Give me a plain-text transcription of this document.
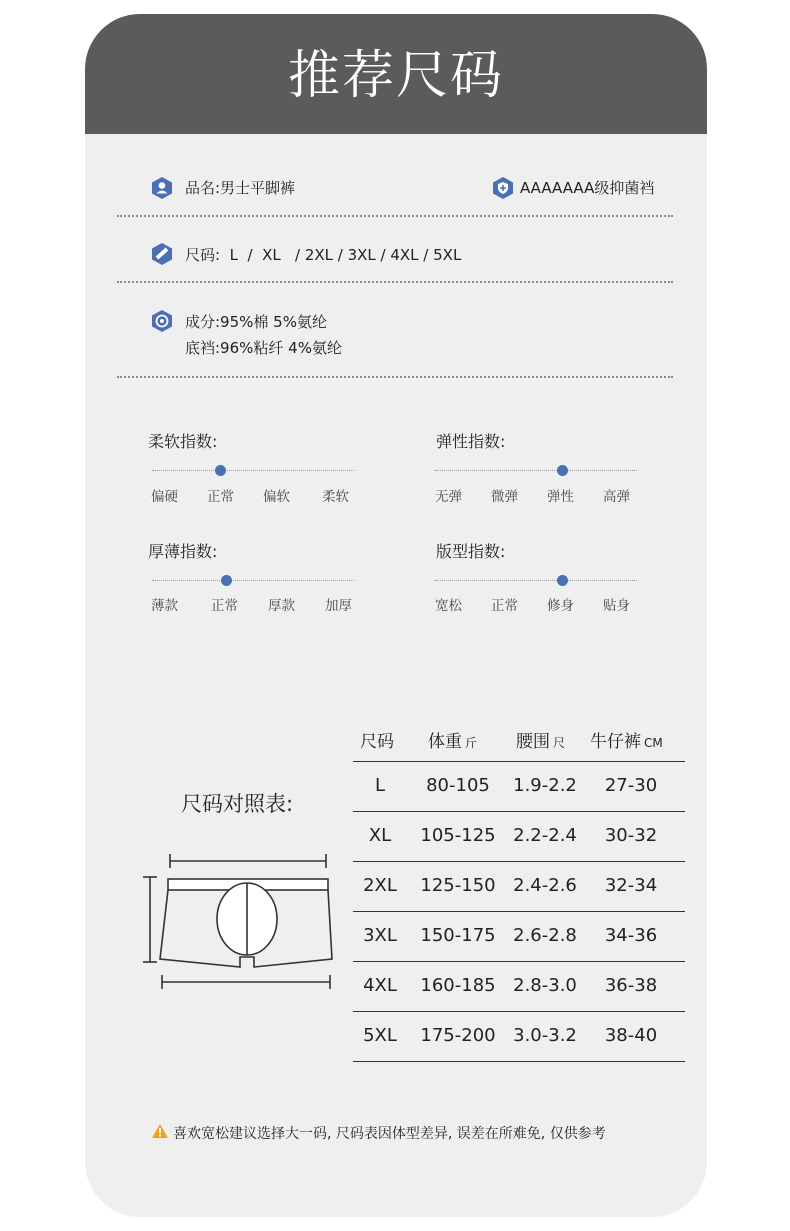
推荐尺码
品名:男士平脚裤	AAAAAAA级抑菌裆
尺码:  L  /  XL   / 2XL / 3XL / 4XL / 5XL
成分:95%棉 5%氨纶
底裆:96%粘纤 4%氨纶
柔软指数:
偏硬 正常 偏软 柔软
弹性指数:
无弹 微弹 弹性 高弹
厚薄指数:
薄款 正常 厚款 加厚
版型指数:
宽松 正常 修身 贴身
尺码对照表:
尺码 体重 斤 腰围 尺 牛仔裤 CM
L	80-105	1.9-2.2	27-30
XL	105-125 2.2-2.4	30-32
2XL	125-150 2.4-2.6	32-34
3XL	150-175 2.6-2.8	34-36
4XL	160-185 2.8-3.0	36-38
5XL	175-200 3.0-3.2	38-40
喜欢宽松建议选择大一码, 尺码表因体型差异, 误差在所难免, 仅供参考
